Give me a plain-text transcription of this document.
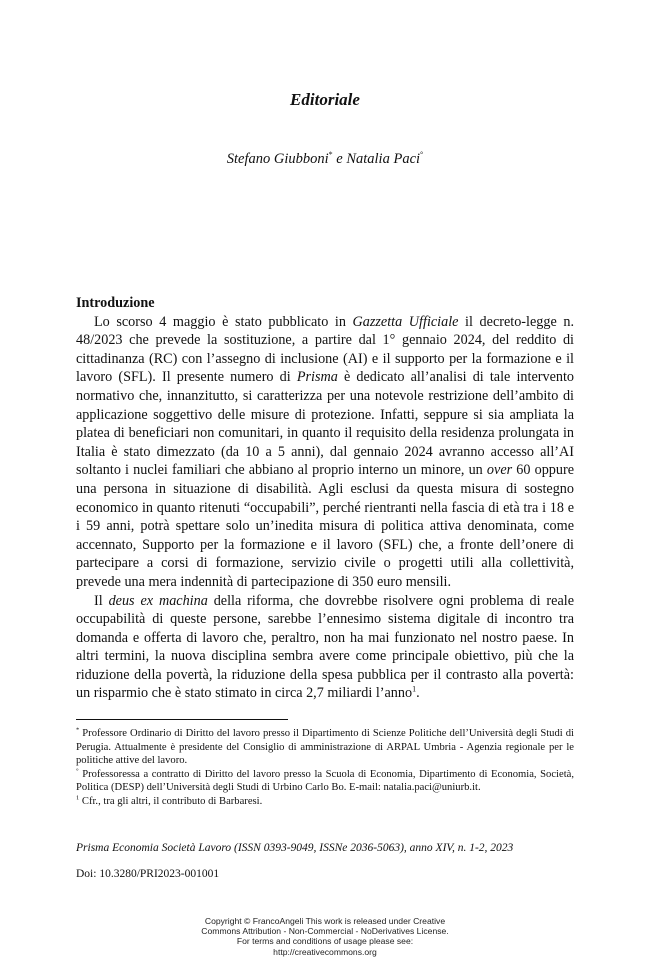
Editoriale
Stefano Giubboni* e Natalia Paci°
Introduzione

Lo scorso 4 maggio è stato pubblicato in Gazzetta Ufficiale il decreto-legge n. 48/2023 che prevede la sostituzione, a partire dal 1° gennaio 2024, del reddito di cittadinanza (RC) con l’assegno di inclusione (AI) e il supporto per la formazione e il lavoro (SFL). Il presente numero di Prisma è dedicato all’analisi di tale intervento normativo che, innanzitutto, si caratterizza per una notevole restrizione dell’ambito di applicazione soggettivo delle misure di protezione. Infatti, seppure si sia ampliata la platea di beneficiari non comunitari, in quanto il requisito della residenza prolungata in Italia è stato dimezzato (da 10 a 5 anni), dal gennaio 2024 avranno accesso all’AI soltanto i nuclei familiari che abbiano al proprio interno un minore, un over 60 oppure una persona in situazione di disabilità. Agli esclusi da questa misura di sostegno economico in quanto ritenuti “occupabili”, perché rientranti nella fascia di età tra i 18 e i 59 anni, potrà spettare solo un’inedita misura di politica attiva denominata, come accennato, Supporto per la formazione e il lavoro (SFL) che, a fronte dell’onere di partecipare a corsi di formazione, servizio civile o progetti utili alla collettività, prevede una mera indennità di partecipazione di 350 euro mensili.

Il deus ex machina della riforma, che dovrebbe risolvere ogni problema di reale occupabilità di queste persone, sarebbe l’ennesimo sistema digitale di incontro tra domanda e offerta di lavoro che, peraltro, non ha mai funzionato nel nostro paese. In altri termini, la nuova disciplina sembra avere come principale obiettivo, più che la riduzione della povertà, la riduzione della spesa pubblica per il contrasto alla povertà: un risparmio che è stato stimato in circa 2,7 miliardi l’anno$^1$.

* Professore Ordinario di Diritto del lavoro presso il Dipartimento di Scienze Politiche dell’Università degli Studi di Perugia. Attualmente è presidente del Consiglio di amministrazione di ARPAL Umbria - Agenzia regionale per le politiche attive del lavoro.

° Professoressa a contratto di Diritto del lavoro presso la Scuola di Economia, Dipartimento di Economia, Società, Politica (DESP) dell’Università degli Studi di Urbino Carlo Bo. E-mail: natalia.paci@uniurb.it.

$^1$ Cfr., tra gli altri, il contributo di Barbaresi.

Prisma Economia Società Lavoro (ISSN 0393-9049, ISSNe 2036-5063), anno XIV, n. 1-2, 2023
Doi: 10.3280/PRI2023-001001
Copyright © FrancoAngeli This work is released under Creative
Commons Attribution - Non-Commercial - NoDerivatives License.
For terms and conditions of usage please see:
http://creativecommons.org
